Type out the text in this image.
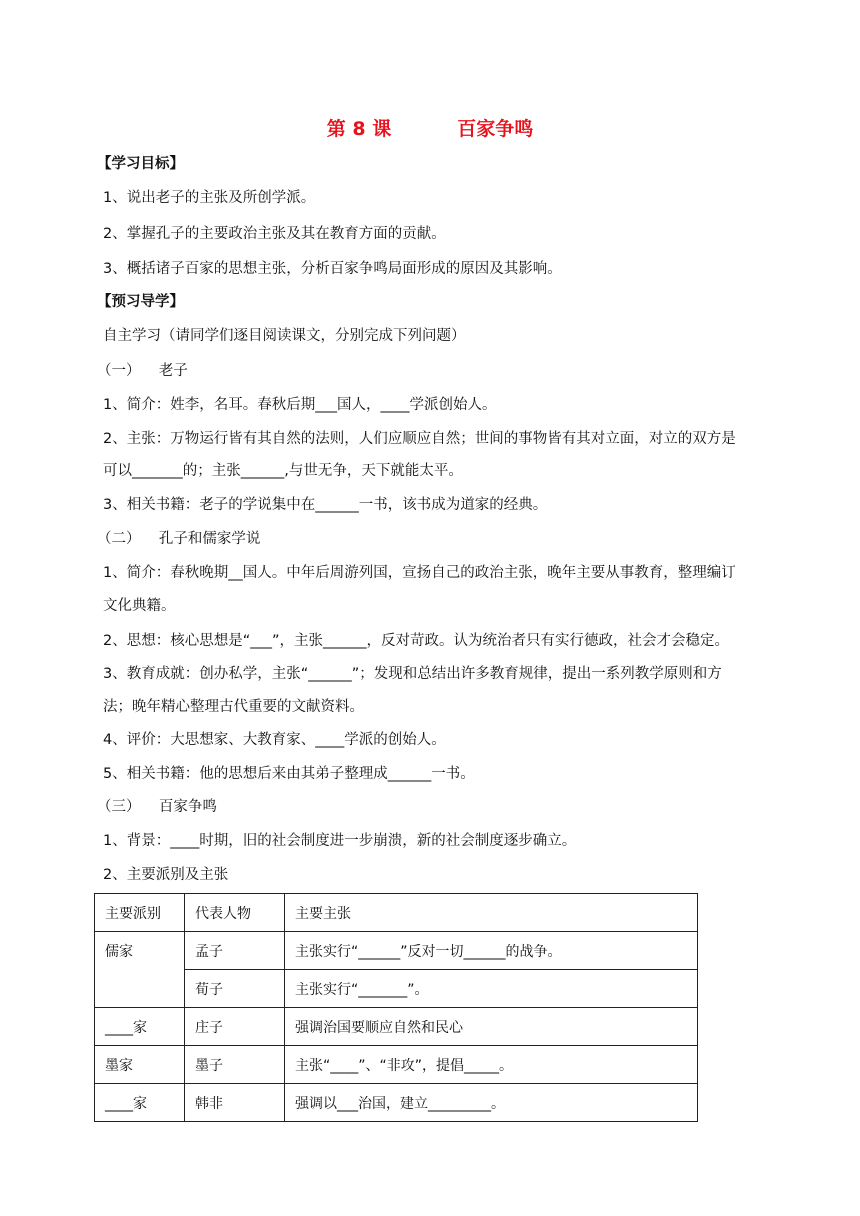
第 8 课	百家争鸣
【学习目标】
1、说出老子的主张及所创学派。
2、掌握孔子的主要政治主张及其在教育方面的贡献。
3、概括诸子百家的思想主张，分析百家争鸣局面形成的原因及其影响。
【预习导学】
自主学习（请同学们逐目阅读课文，分别完成下列问题）
（一）    老子
1、简介：姓李，名耳。春秋后期___国人，____学派创始人。
2、主张：万物运行皆有其自然的法则，人们应顺应自然；世间的事物皆有其对立面，对立的双方是
可以_______的；主张______,与世无争，天下就能太平。
3、相关书籍：老子的学说集中在______一书，该书成为道家的经典。
（二）    孔子和儒家学说
1、简介：春秋晚期__国人。中年后周游列国，宣扬自己的政治主张，晚年主要从事教育，整理编订
文化典籍。
2、思想：核心思想是“___”，主张______，反对苛政。认为统治者只有实行德政，社会才会稳定。
3、教育成就：创办私学，主张“______”；发现和总结出许多教育规律，提出一系列教学原则和方
法；晚年精心整理古代重要的文献资料。
4、评价：大思想家、大教育家、____学派的创始人。
5、相关书籍：他的思想后来由其弟子整理成______一书。
（三）    百家争鸣
1、背景：____时期，旧的社会制度进一步崩溃，新的社会制度逐步确立。
2、主要派别及主张
主要派别	代表人物	主要主张
儒家	孟子	主张实行“______”反对一切______的战争。
	荀子	主张实行“_______”。
____家	庄子	强调治国要顺应自然和民心
墨家	墨子	主张“____”、“非攻”，提倡_____。
____家	韩非	强调以___治国，建立_________。
